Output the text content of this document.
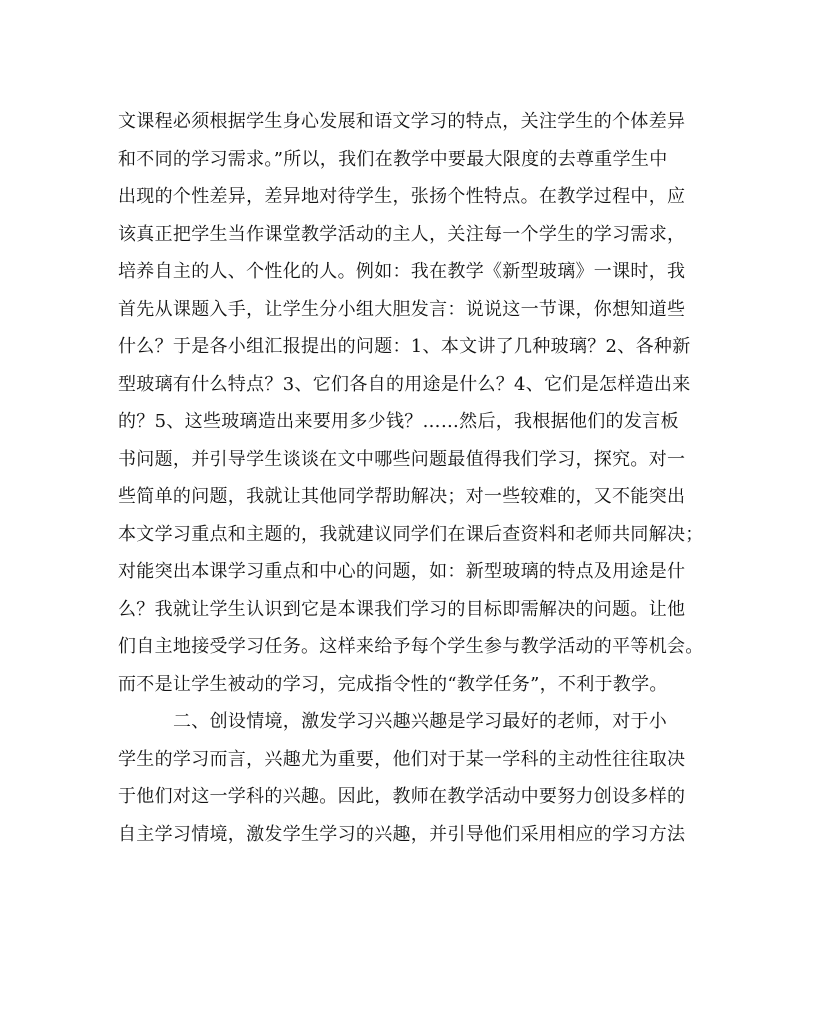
文课程必须根据学生身心发展和语文学习的特点，关注学生的个体差异
和不同的学习需求。”所以，我们在教学中要最大限度的去尊重学生中
出现的个性差异，差异地对待学生，张扬个性特点。在教学过程中，应
该真正把学生当作课堂教学活动的主人，关注每一个学生的学习需求，
培养自主的人、个性化的人。例如：我在教学《新型玻璃》一课时，我
首先从课题入手，让学生分小组大胆发言：说说这一节课，你想知道些
什么？于是各小组汇报提出的问题：1、本文讲了几种玻璃？2、各种新
型玻璃有什么特点？3、它们各自的用途是什么？4、它们是怎样造出来
的？5、这些玻璃造出来要用多少钱？……然后，我根据他们的发言板
书问题，并引导学生谈谈在文中哪些问题最值得我们学习，探究。对一
些简单的问题，我就让其他同学帮助解决；对一些较难的，又不能突出
本文学习重点和主题的，我就建议同学们在课后查资料和老师共同解决；
对能突出本课学习重点和中心的问题，如：新型玻璃的特点及用途是什
么？我就让学生认识到它是本课我们学习的目标即需解决的问题。让他
们自主地接受学习任务。这样来给予每个学生参与教学活动的平等机会。
而不是让学生被动的学习，完成指令性的“教学任务”，不利于教学。
二、创设情境，激发学习兴趣兴趣是学习最好的老师，对于小
学生的学习而言，兴趣尤为重要，他们对于某一学科的主动性往往取决
于他们对这一学科的兴趣。因此，教师在教学活动中要努力创设多样的
自主学习情境，激发学生学习的兴趣，并引导他们采用相应的学习方法
